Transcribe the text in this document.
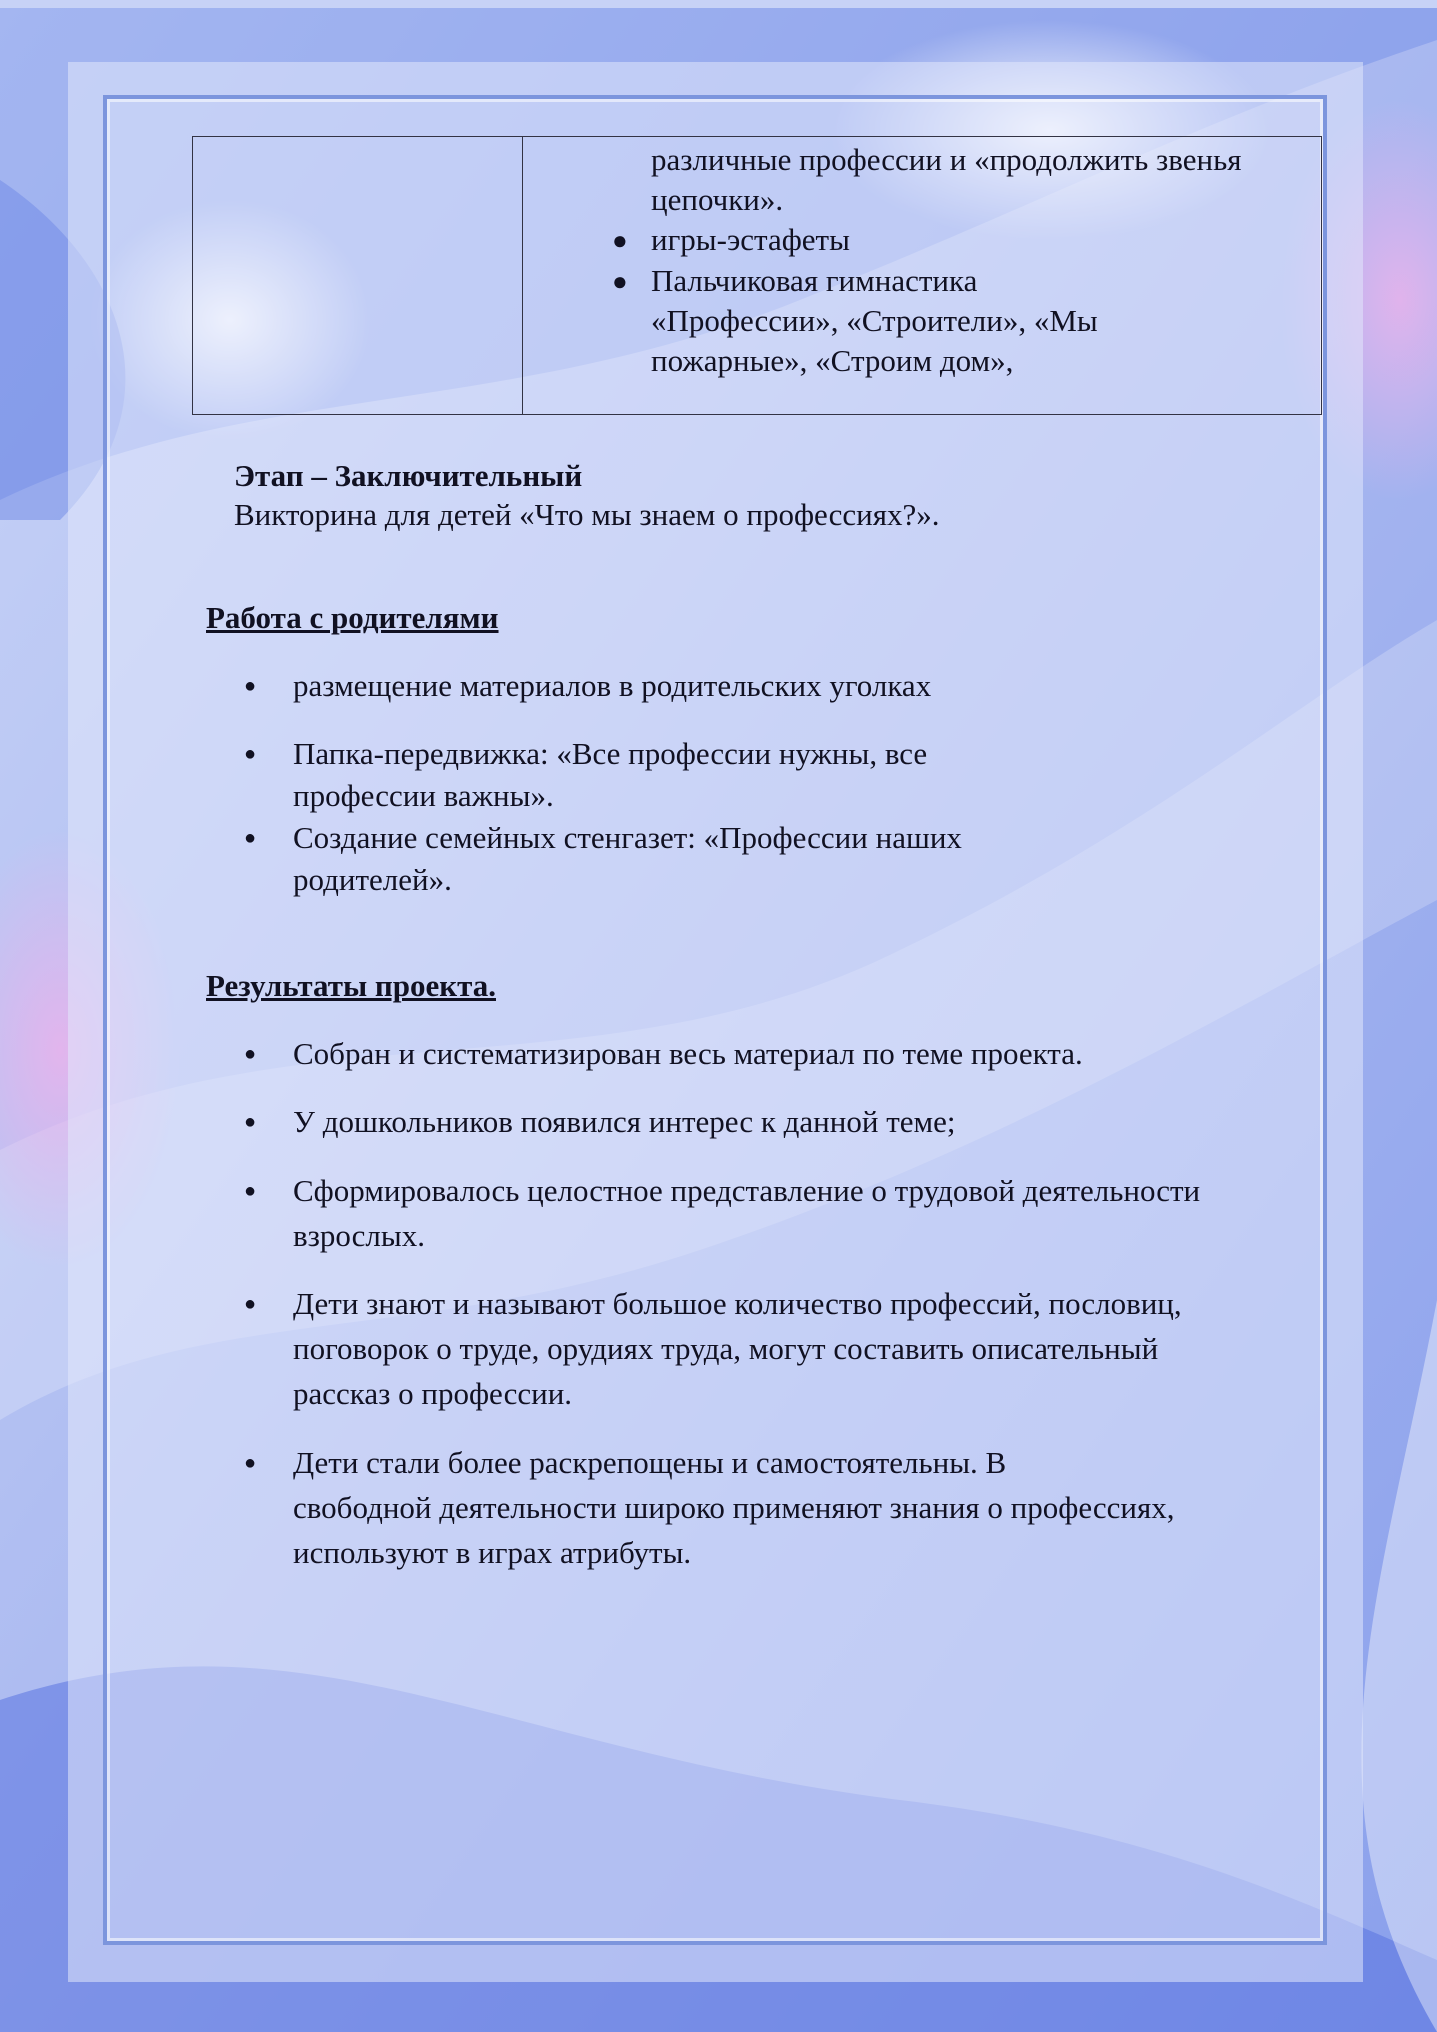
различные профессии и «продолжить звенья
цепочки».
● игры-эстафеты
● Пальчиковая гимнастика
«Профессии», «Строители», «Мы
пожарные», «Строим дом»,
Этап – Заключительный
Викторина для детей «Что мы знаем о профессиях?».
Работа с родителями
● размещение материалов в родительских уголках
● Папка-передвижка: «Все профессии нужны, все
профессии важны».
● Создание семейных стенгазет: «Профессии наших
родителей».
Результаты проекта.
● Собран и систематизирован весь материал по теме проекта.
● У дошкольников появился интерес к данной теме;
● Сформировалось целостное представление о трудовой деятельности
взрослых.
● Дети знают и называют большое количество профессий, пословиц,
поговорок о труде, орудиях труда, могут составить описательный
рассказ о профессии.
● Дети стали более раскрепощены и самостоятельны. В
свободной деятельности широко применяют знания о профессиях,
используют в играх атрибуты.
